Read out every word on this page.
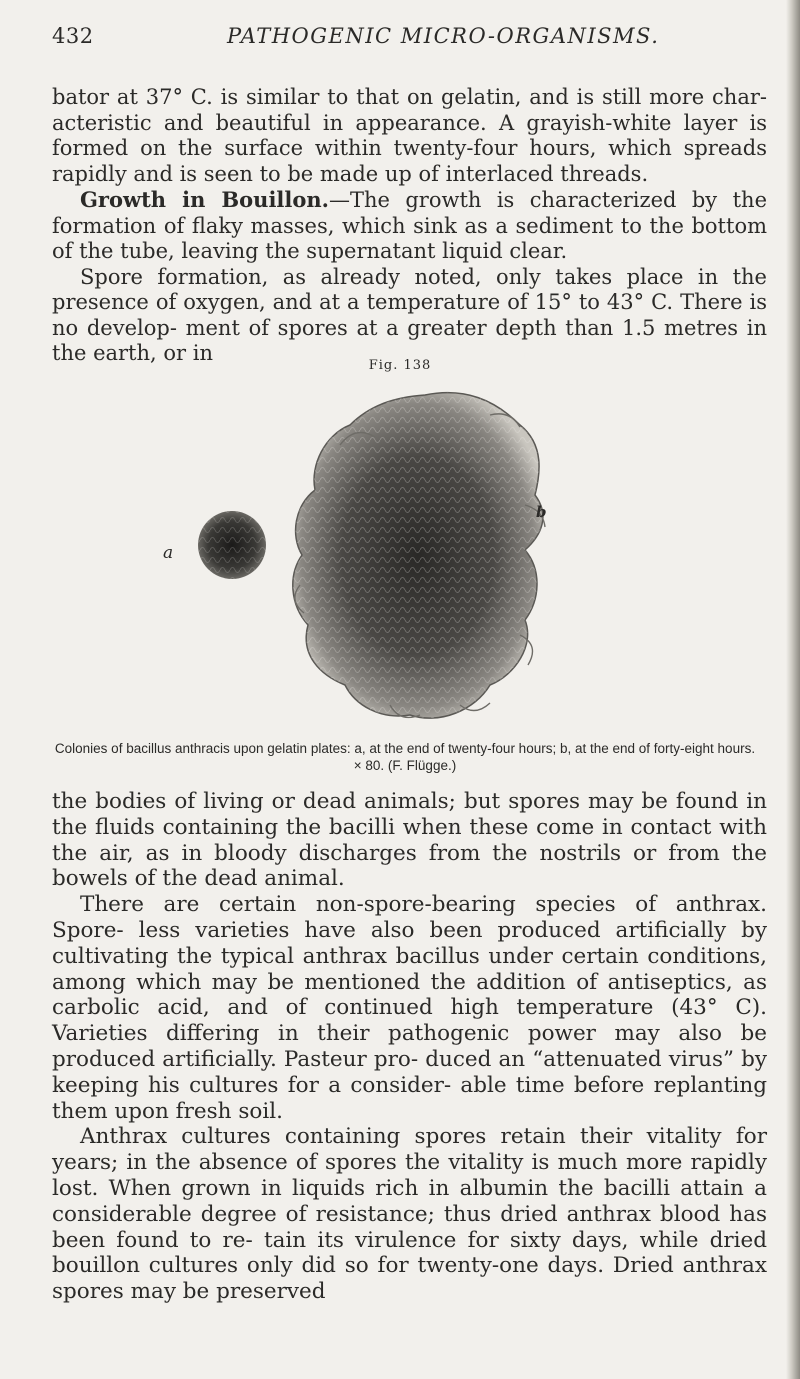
432	PATHOGENIC MICRO-ORGANISMS.

bator at 37° C. is similar to that on gelatin, and is still more char- acteristic and beautiful in appearance. A grayish-white layer is formed on the surface within twenty-four hours, which spreads rapidly and is seen to be made up of interlaced threads.

Growth in Bouillon.—The growth is characterized by the formation of flaky masses, which sink as a sediment to the bottom of the tube, leaving the supernatant liquid clear.

Spore formation, as already noted, only takes place in the presence of oxygen, and at a temperature of 15° to 43° C. There is no develop- ment of spores at a greater depth than 1.5 metres in the earth, or in

Fig. 138
a
b
Colonies of bacillus anthracis upon gelatin plates: a, at the end of twenty-four hours; b, at the end of forty-eight hours. × 80. (F. Flügge.)

the bodies of living or dead animals; but spores may be found in the fluids containing the bacilli when these come in contact with the air, as in bloody discharges from the nostrils or from the bowels of the dead animal.

There are certain non-spore-bearing species of anthrax. Spore- less varieties have also been produced artificially by cultivating the typical anthrax bacillus under certain conditions, among which may be mentioned the addition of antiseptics, as carbolic acid, and of continued high temperature (43° C). Varieties differing in their pathogenic power may also be produced artificially. Pasteur pro- duced an “attenuated virus” by keeping his cultures for a consider- able time before replanting them upon fresh soil.

Anthrax cultures containing spores retain their vitality for years; in the absence of spores the vitality is much more rapidly lost. When grown in liquids rich in albumin the bacilli attain a considerable degree of resistance; thus dried anthrax blood has been found to re- tain its virulence for sixty days, while dried bouillon cultures only did so for twenty-one days. Dried anthrax spores may be preserved
